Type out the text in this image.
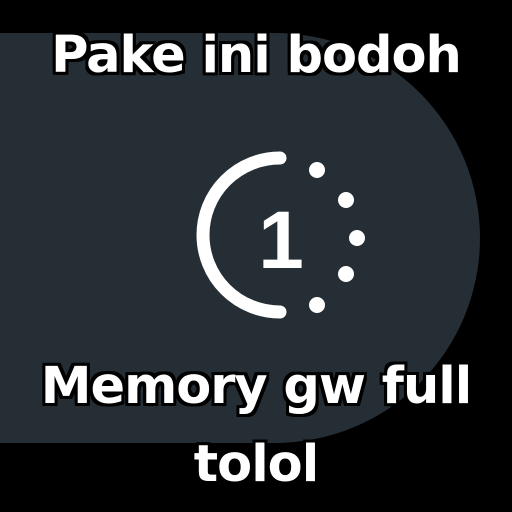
1
Pake ini bodoh
Memory gw full
tolol
